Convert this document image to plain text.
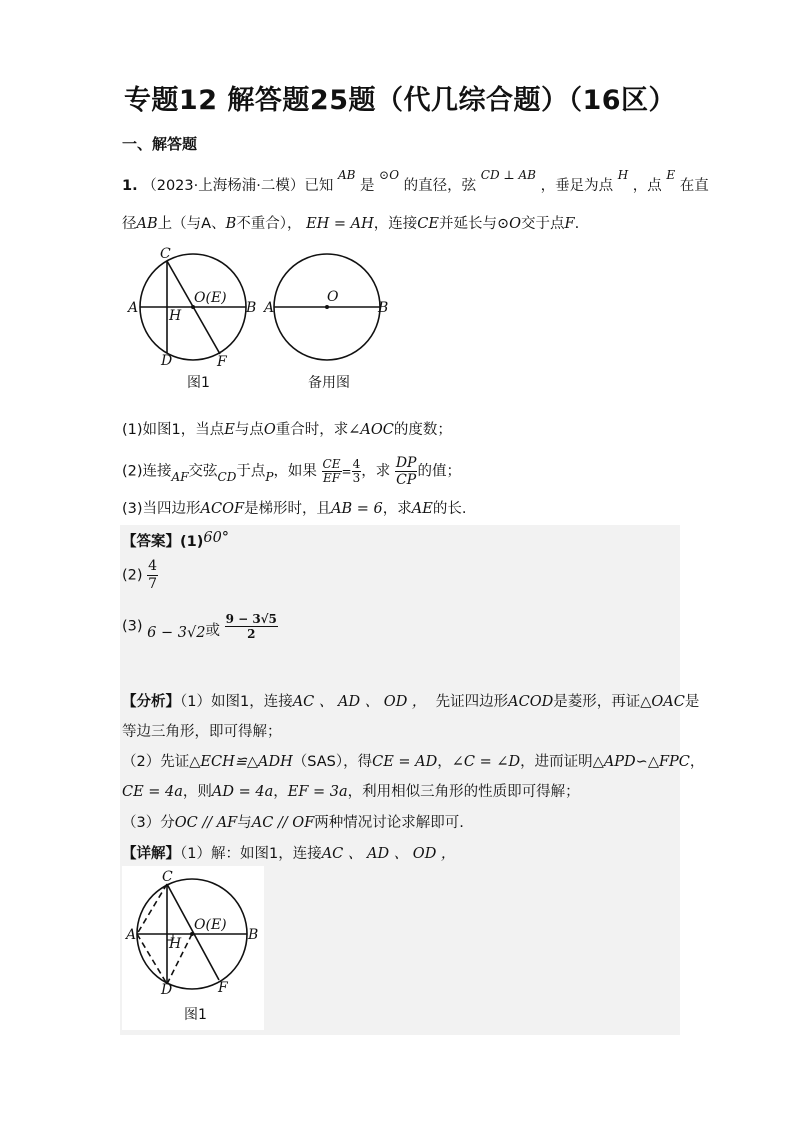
专题12 解答题25题（代几综合题）（16区）
一、解答题
1. （2023·上海杨浦·二模）已知 $^{AB}$ 是 $^{⊙O}$ 的直径，弦 $^{CD \perp AB}$ ，垂足为点 $^H$ ，点 $^E$ 在直
径AB上（与A、B不重合）， EH = AH，连接CE并延长与⊙O交于点F.
C
A
O(E)
B
H
D	F
A
O
B
图1	备用图
(1)如图1，当点E与点O重合时，求∠AOC的度数；
(2)连接$_{AF}$交弦$_{CD}$于点$_P$，如果 $\frac{CE}{EF} = \frac{4}{3}$ ，求 $\frac{DP}{CP}$ 的值；
(3)当四边形ACOF是梯形时，且AB = 6，求AE的长.
【答案】(1)60°
$(2) \frac{4}{7}$
(3) 6 − 3√2或 $\frac{9 - 3√5}{2}$
【分析】（1）如图1，连接AC 、 AD 、 OD ， 先证四边形ACOD是菱形，再证△OAC是
等边三角形，即可得解；
（2）先证△ECH≌△ADH（SAS），得CE = AD，∠C = ∠D，进而证明△APD∽△FPC，
CE = 4a，则AD = 4a，EF = 3a，利用相似三角形的性质即可得解；
（3）分OC // AF与AC // OF两种情况讨论求解即可.
【详解】（1）解：如图1，连接AC 、 AD 、 OD ，
C
A
O(E)
B
H
D	F
图1
